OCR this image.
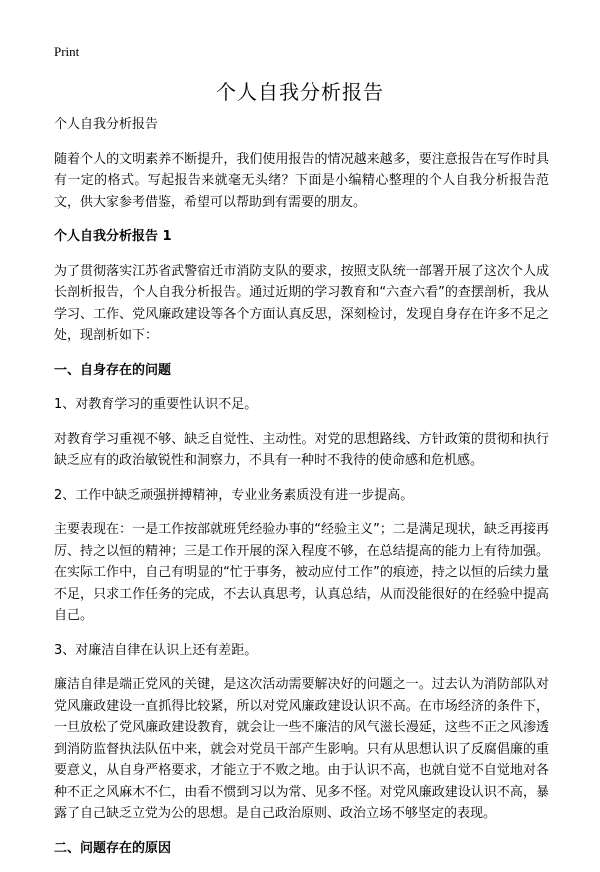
Print
个人自我分析报告

个人自我分析报告

随着个人的文明素养不断提升，我们使用报告的情况越来越多，要注意报告在写作时具有一定的格式。写起报告来就毫无头绪？下面是小编精心整理的个人自我分析报告范文，供大家参考借鉴，希望可以帮助到有需要的朋友。

个人自我分析报告 1

为了贯彻落实江苏省武警宿迁市消防支队的要求，按照支队统一部署开展了这次个人成长剖析报告，个人自我分析报告。通过近期的学习教育和“六查六看”的查摆剖析，我从学习、工作、党风廉政建设等各个方面认真反思，深刻检讨，发现自身存在许多不足之处，现剖析如下：

一、自身存在的问题

1、对教育学习的重要性认识不足。

对教育学习重视不够、缺乏自觉性、主动性。对党的思想路线、方针政策的贯彻和执行缺乏应有的政治敏锐性和洞察力，不具有一种时不我待的使命感和危机感。

2、工作中缺乏顽强拼搏精神，专业业务素质没有进一步提高。

主要表现在：一是工作按部就班凭经验办事的“经验主义”；二是满足现状，缺乏再接再厉、持之以恒的精神；三是工作开展的深入程度不够，在总结提高的能力上有待加强。在实际工作中，自己有明显的“忙于事务，被动应付工作”的痕迹，持之以恒的后续力量不足，只求工作任务的完成，不去认真思考，认真总结，从而没能很好的在经验中提高自己。

3、对廉洁自律在认识上还有差距。

廉洁自律是端正党风的关键，是这次活动需要解决好的问题之一。过去认为消防部队对党风廉政建设一直抓得比较紧，所以对党风廉政建设认识不高。在市场经济的条件下，一旦放松了党风廉政建设教育，就会让一些不廉洁的风气滋长漫延，这些不正之风渗透到消防监督执法队伍中来，就会对党员干部产生影响。只有从思想认识了反腐倡廉的重要意义，从自身严格要求，才能立于不败之地。由于认识不高，也就自觉不自觉地对各种不正之风麻木不仁，由看不惯到习以为常、见多不怪。对党风廉政建设认识不高，暴露了自己缺乏立党为公的思想。是自己政治原则、政治立场不够坚定的表现。

二、问题存在的原因
